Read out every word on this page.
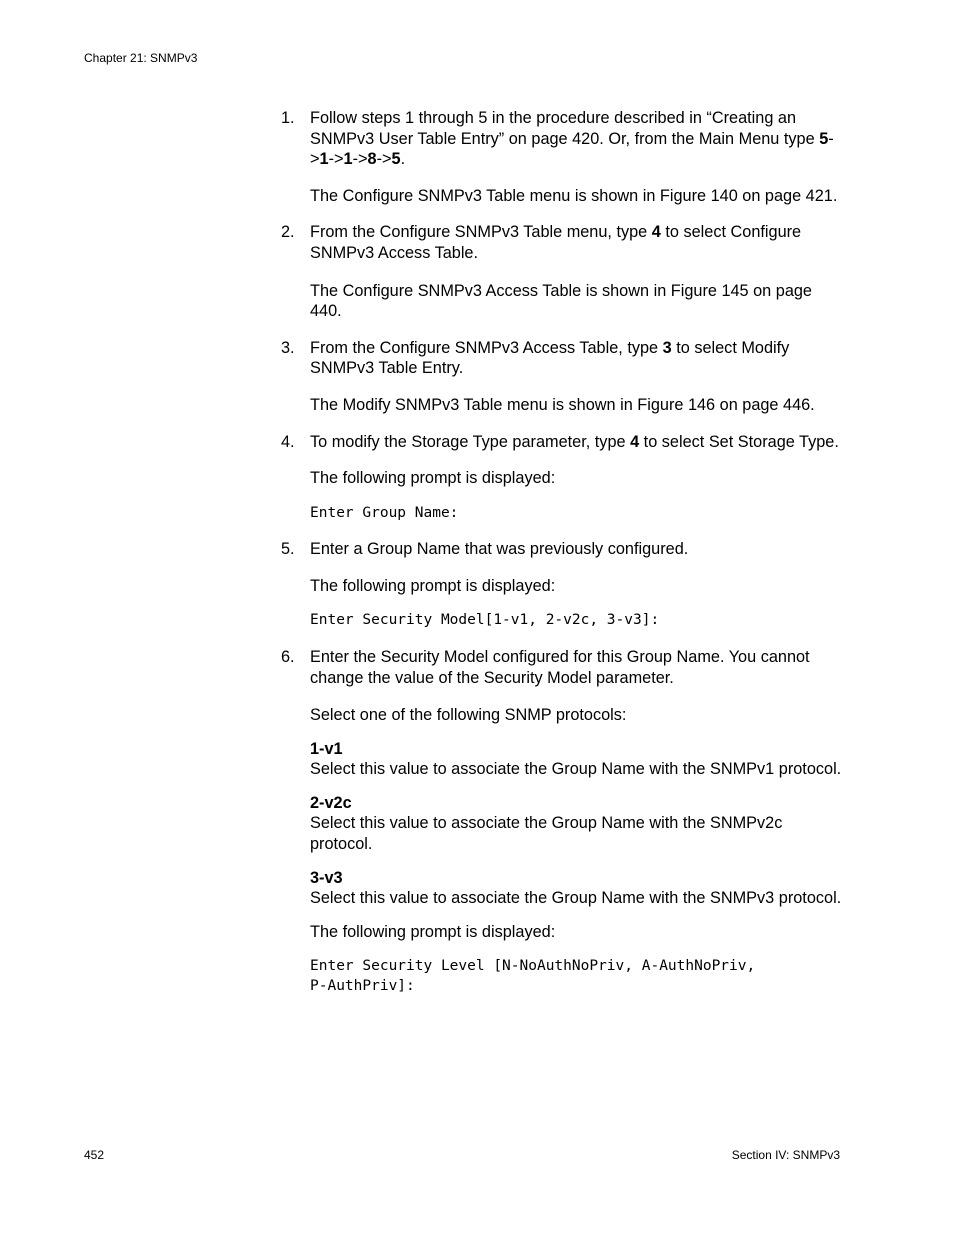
Chapter 21: SNMPv3
1. Follow steps 1 through 5 in the procedure described in “Creating an SNMPv3 User Table Entry” on page 420. Or, from the Main Menu type 5->1->1->8->5.
The Configure SNMPv3 Table menu is shown in Figure 140 on page 421.
2. From the Configure SNMPv3 Table menu, type 4 to select Configure SNMPv3 Access Table.
The Configure SNMPv3 Access Table is shown in Figure 145 on page 440.
3. From the Configure SNMPv3 Access Table, type 3 to select Modify SNMPv3 Table Entry.
The Modify SNMPv3 Table menu is shown in Figure 146 on page 446.
4. To modify the Storage Type parameter, type 4 to select Set Storage Type.
The following prompt is displayed:
Enter Group Name:
5. Enter a Group Name that was previously configured.
The following prompt is displayed:
Enter Security Model[1-v1, 2-v2c, 3-v3]:
6. Enter the Security Model configured for this Group Name. You cannot change the value of the Security Model parameter.
Select one of the following SNMP protocols:
1-v1
Select this value to associate the Group Name with the SNMPv1 protocol.
2-v2c
Select this value to associate the Group Name with the SNMPv2c protocol.
3-v3
Select this value to associate the Group Name with the SNMPv3 protocol.
The following prompt is displayed:
Enter Security Level [N-NoAuthNoPriv, A-AuthNoPriv,
P-AuthPriv]:
452	Section IV: SNMPv3
